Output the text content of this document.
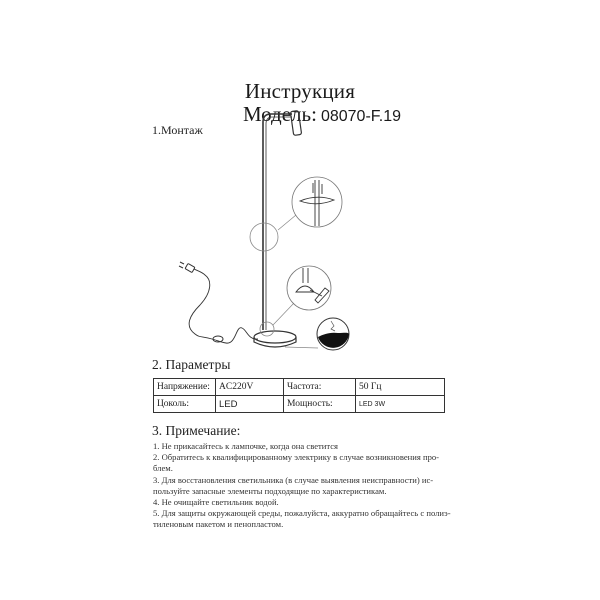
Инструкция
Модель: 08070-F.19
1.Монтаж
2. Параметры
Напряжение:	AC220V	Частота:	50 Гц
Цоколь:	LED	Мощность:	LED 3W
3. Примечание:
1. Не прикасайтесь к лампочке, когда она светится
2. Обратитесь к квалифицированному электрику в случае возникновения про-
блем.
3. Для восстановления светильника (в случае выявления неисправности) ис-
пользуйте запасные элементы подходящие по характеристикам.
4. Не очищайте светильник водой.
5. Для защиты окружающей среды, пожалуйста, аккуратно обращайтесь с полиэ-
тиленовым пакетом и пенопластом.
